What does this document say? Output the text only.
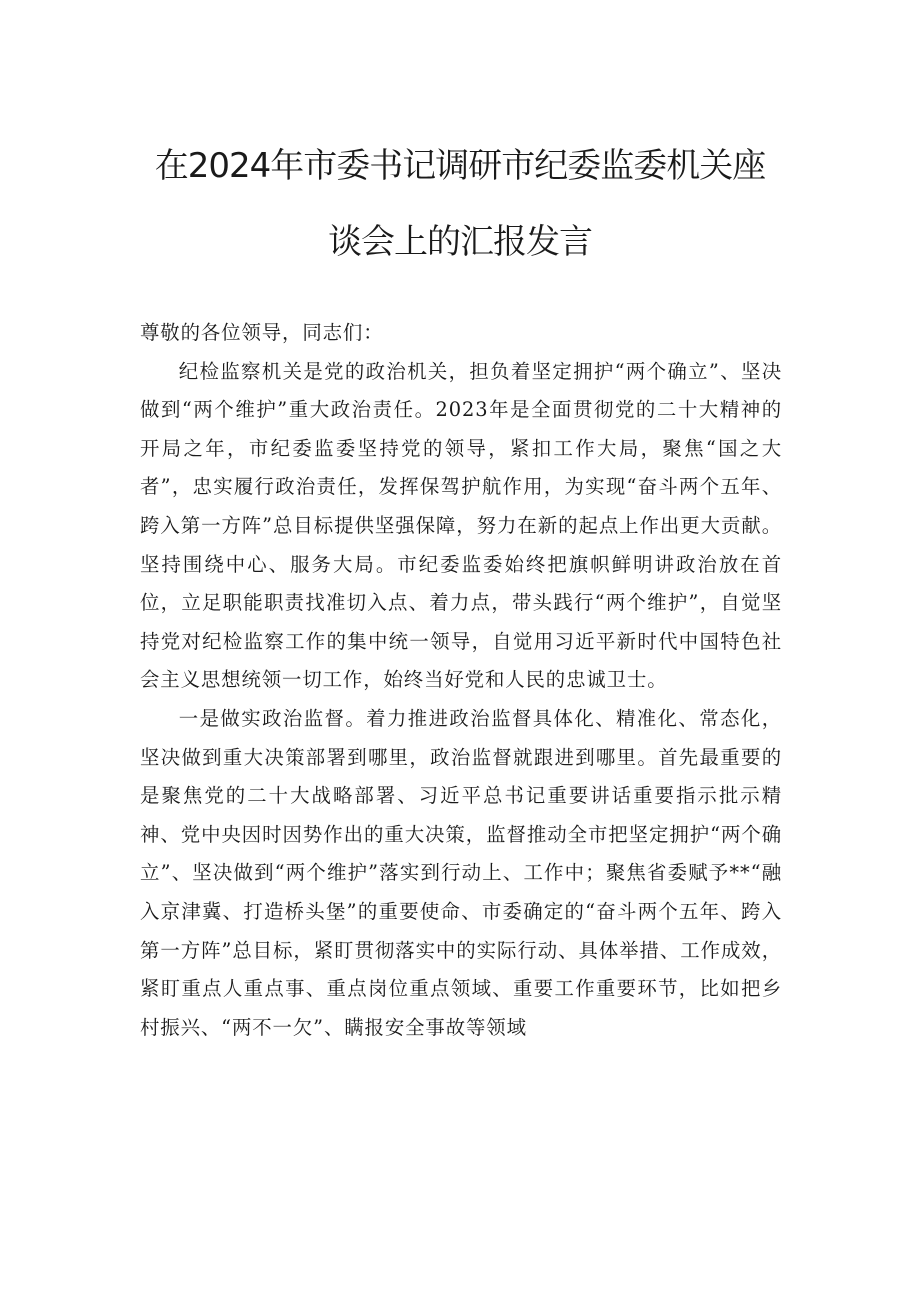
在2024年市委书记调研市纪委监委机关座
谈会上的汇报发言

尊敬的各位领导，同志们：

纪检监察机关是党的政治机关，担负着坚定拥护“两个确立”、坚决做到“两个维护”重大政治责任。2023年是全面贯彻党的二十大精神的开局之年，市纪委监委坚持党的领导，紧扣工作大局，聚焦“国之大者”，忠实履行政治责任，发挥保驾护航作用，为实现“奋斗两个五年、跨入第一方阵”总目标提供坚强保障，努力在新的起点上作出更大贡献。坚持围绕中心、服务大局。市纪委监委始终把旗帜鲜明讲政治放在首位，立足职能职责找准切入点、着力点，带头践行“两个维护”，自觉坚持党对纪检监察工作的集中统一领导，自觉用习近平新时代中国特色社会主义思想统领一切工作，始终当好党和人民的忠诚卫士。

一是做实政治监督。着力推进政治监督具体化、精准化、常态化，坚决做到重大决策部署到哪里，政治监督就跟进到哪里。首先最重要的是聚焦党的二十大战略部署、习近平总书记重要讲话重要指示批示精神、党中央因时因势作出的重大决策，监督推动全市把坚定拥护“两个确立”、坚决做到“两个维护”落实到行动上、工作中；聚焦省委赋予**“融入京津冀、打造桥头堡”的重要使命、市委确定的“奋斗两个五年、跨入第一方阵”总目标，紧盯贯彻落实中的实际行动、具体举措、工作成效，紧盯重点人重点事、重点岗位重点领域、重要工作重要环节，比如把乡村振兴、“两不一欠”、瞒报安全事故等领域
